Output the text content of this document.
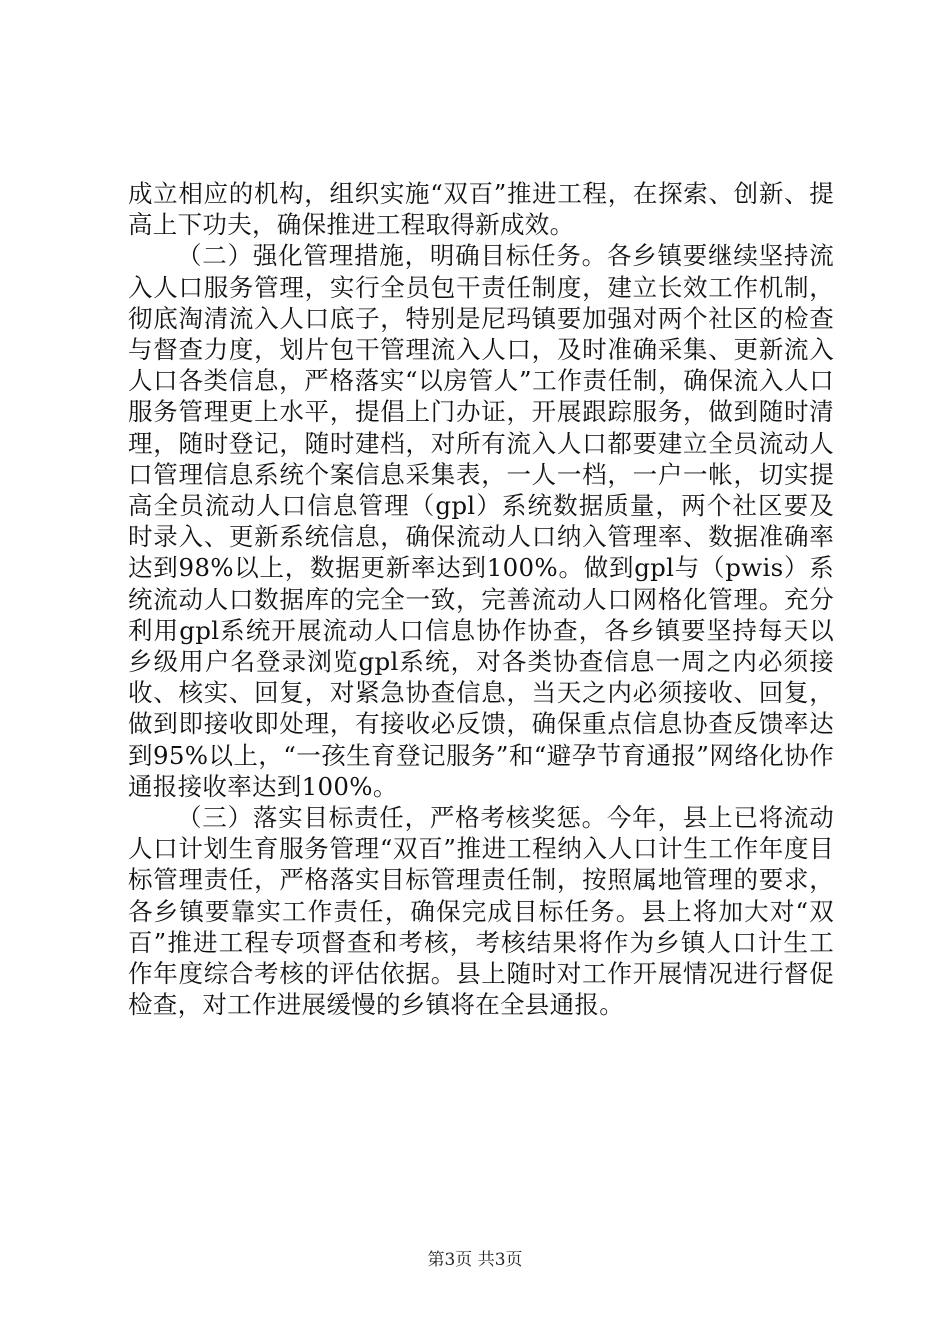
成立相应的机构，组织实施“双百”推进工程，在探索、创新、提高上下功夫，确保推进工程取得新成效。

（二）强化管理措施，明确目标任务。各乡镇要继续坚持流入人口服务管理，实行全员包干责任制度，建立长效工作机制，彻底淘清流入人口底子，特别是尼玛镇要加强对两个社区的检查与督查力度，划片包干管理流入人口，及时准确采集、更新流入人口各类信息，严格落实“以房管人”工作责任制，确保流入人口服务管理更上水平，提倡上门办证，开展跟踪服务，做到随时清理，随时登记，随时建档，对所有流入人口都要建立全员流动人口管理信息系统个案信息采集表，一人一档，一户一帐，切实提高全员流动人口信息管理（gpl）系统数据质量，两个社区要及时录入、更新系统信息，确保流动人口纳入管理率、数据准确率达到98%以上，数据更新率达到100%。做到gpl与（pwis）系统流动人口数据库的完全一致，完善流动人口网格化管理。充分利用gpl系统开展流动人口信息协作协查，各乡镇要坚持每天以乡级用户名登录浏览gpl系统，对各类协查信息一周之内必须接收、核实、回复，对紧急协查信息，当天之内必须接收、回复，做到即接收即处理，有接收必反馈，确保重点信息协查反馈率达到95%以上，“一孩生育登记服务”和“避孕节育通报”网络化协作通报接收率达到100%。

（三）落实目标责任，严格考核奖惩。今年，县上已将流动人口计划生育服务管理“双百”推进工程纳入人口计生工作年度目标管理责任，严格落实目标管理责任制，按照属地管理的要求，各乡镇要靠实工作责任，确保完成目标任务。县上将加大对“双百”推进工程专项督查和考核，考核结果将作为乡镇人口计生工作年度综合考核的评估依据。县上随时对工作开展情况进行督促检查，对工作进展缓慢的乡镇将在全县通报。

第3页 共3页
